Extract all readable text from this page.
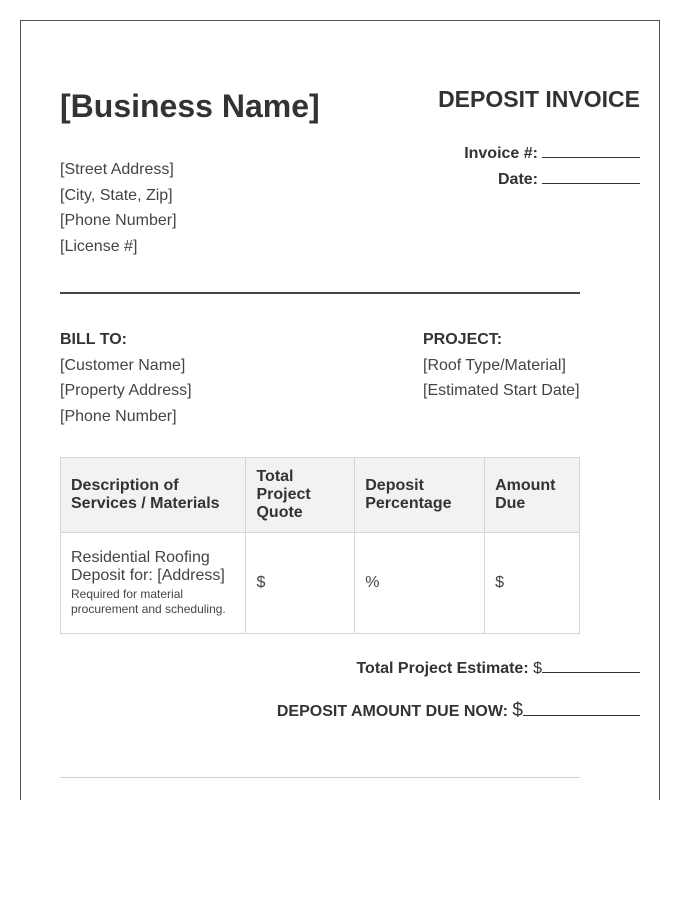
[Business Name]	DEPOSIT INVOICE
[Street Address]
[City, State, Zip]
[Phone Number]
[License #]
Invoice #:
Date:
BILL TO:
[Customer Name]
[Property Address]
[Phone Number]
PROJECT:
[Roof Type/Material]
[Estimated Start Date]
Description of Services / Materials	Total Project Quote	Deposit Percentage	Amount Due

Residential Roofing Deposit for: [Address]
Required for material procurement and scheduling.	$	%	$
Total Project Estimate: $
DEPOSIT AMOUNT DUE NOW: $
